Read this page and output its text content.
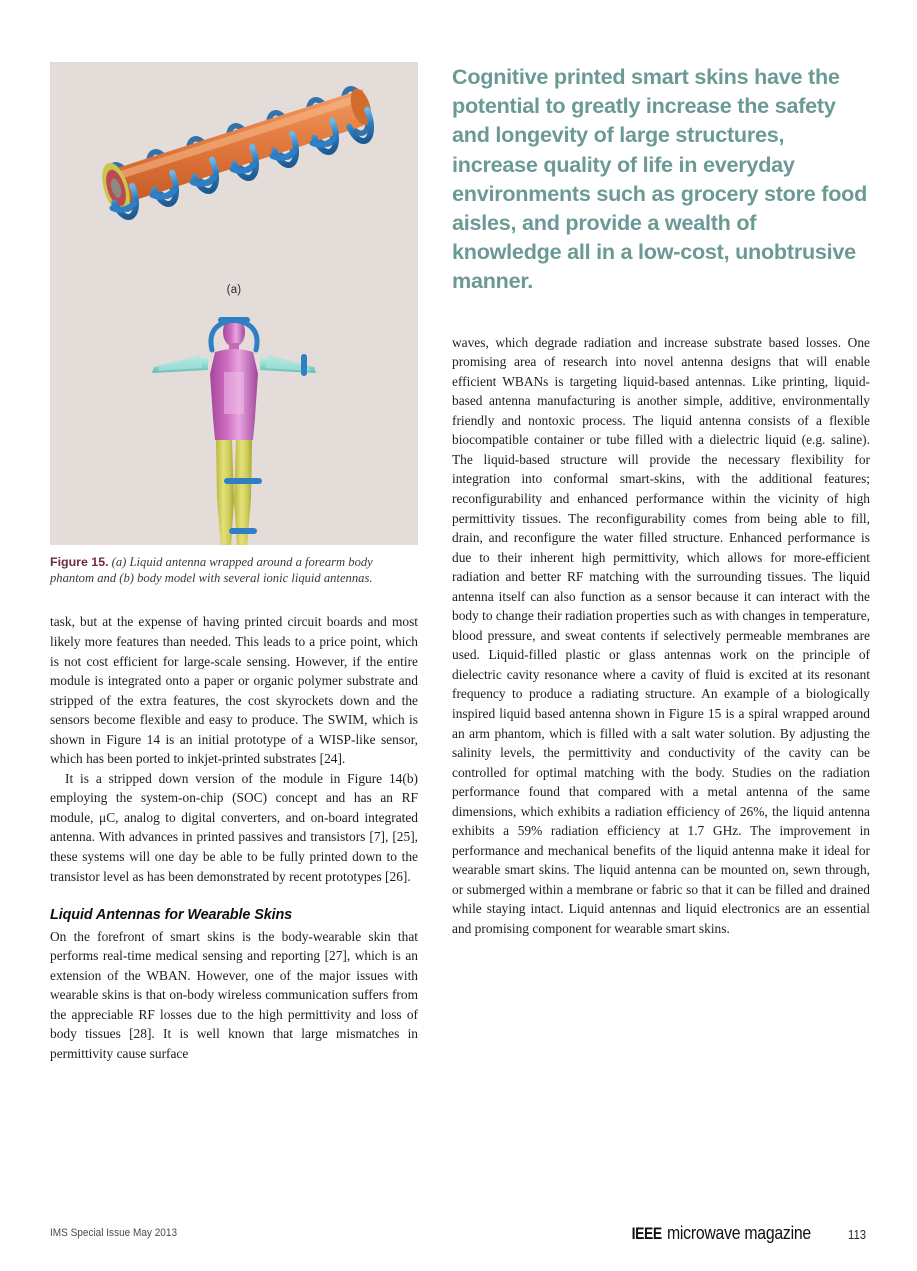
(a)
Figure 15. (a) Liquid antenna wrapped around a forearm body phantom and (b) body model with several ionic liquid antennas.

task, but at the expense of having printed circuit boards and most likely more features than needed. This leads to a price point, which is not cost efficient for large-scale sensing. However, if the entire module is integrated onto a paper or organic polymer substrate and stripped of the extra features, the cost skyrockets down and the sensors become flexible and easy to produce. The SWIM, which is shown in Figure 14 is an initial prototype of a WISP-like sensor, which has been ported to inkjet-printed substrates [24].

It is a stripped down version of the module in Figure 14(b) employing the system-on-chip (SOC) concept and has an RF module, μC, analog to digital converters, and on-board integrated antenna. With advances in printed passives and transistors [7], [25], these systems will one day be able to be fully printed down to the transistor level as has been demonstrated by recent prototypes [26].

Liquid Antennas for Wearable Skins

On the forefront of smart skins is the body-wearable skin that performs real-time medical sensing and reporting [27], which is an extension of the WBAN. However, one of the major issues with wearable skins is that on-body wireless communication suffers from the appreciable RF losses due to the high permittivity and loss of body tissues [28]. It is well known that large mismatches in permittivity cause surface

Cognitive printed smart skins have the potential to greatly increase the safety and longevity of large structures, increase quality of life in everyday environments such as grocery store food aisles, and provide a wealth of knowledge all in a low-cost, unobtrusive manner.

waves, which degrade radiation and increase substrate based losses. One promising area of research into novel antenna designs that will enable efficient WBANs is targeting liquid-based antennas. Like printing, liquid-based antenna manufacturing is another simple, additive, environmentally friendly and nontoxic process. The liquid antenna consists of a flexible biocompatible container or tube filled with a dielectric liquid (e.g. saline). The liquid-based structure will provide the necessary flexibility for integration into conformal smart-skins, with the additional features; reconfigurability and enhanced performance within the vicinity of high permittivity tissues. The reconfigurability comes from being able to fill, drain, and reconfigure the water filled structure. Enhanced performance is due to their inherent high permittivity, which allows for more-efficient radiation and better RF matching with the surrounding tissues. The liquid antenna itself can also function as a sensor because it can interact with the body to change their radiation properties such as with changes in temperature, blood pressure, and sweat contents if selectively permeable membranes are used. Liquid-filled plastic or glass antennas work on the principle of dielectric cavity resonance where a cavity of fluid is excited at its resonant frequency to produce a radiating structure. An example of a biologically inspired liquid based antenna shown in Figure 15 is a spiral wrapped around an arm phantom, which is filled with a salt water solution. By adjusting the salinity levels, the permittivity and conductivity of the cavity can be controlled for optimal matching with the body. Studies on the radiation performance found that compared with a metal antenna of the same dimensions, which exhibits a radiation efficiency of 26%, the liquid antenna exhibits a 59% radiation efficiency at 1.7 GHz. The improvement in performance and mechanical benefits of the liquid antenna make it ideal for wearable smart skins. The liquid antenna can be mounted on, sewn through, or submerged within a membrane or fabric so that it can be filled and drained while staying intact. Liquid antennas and liquid electronics are an essential and promising component for wearable smart skins.

IMS Special Issue May 2013	IEEE microwave magazine	113
